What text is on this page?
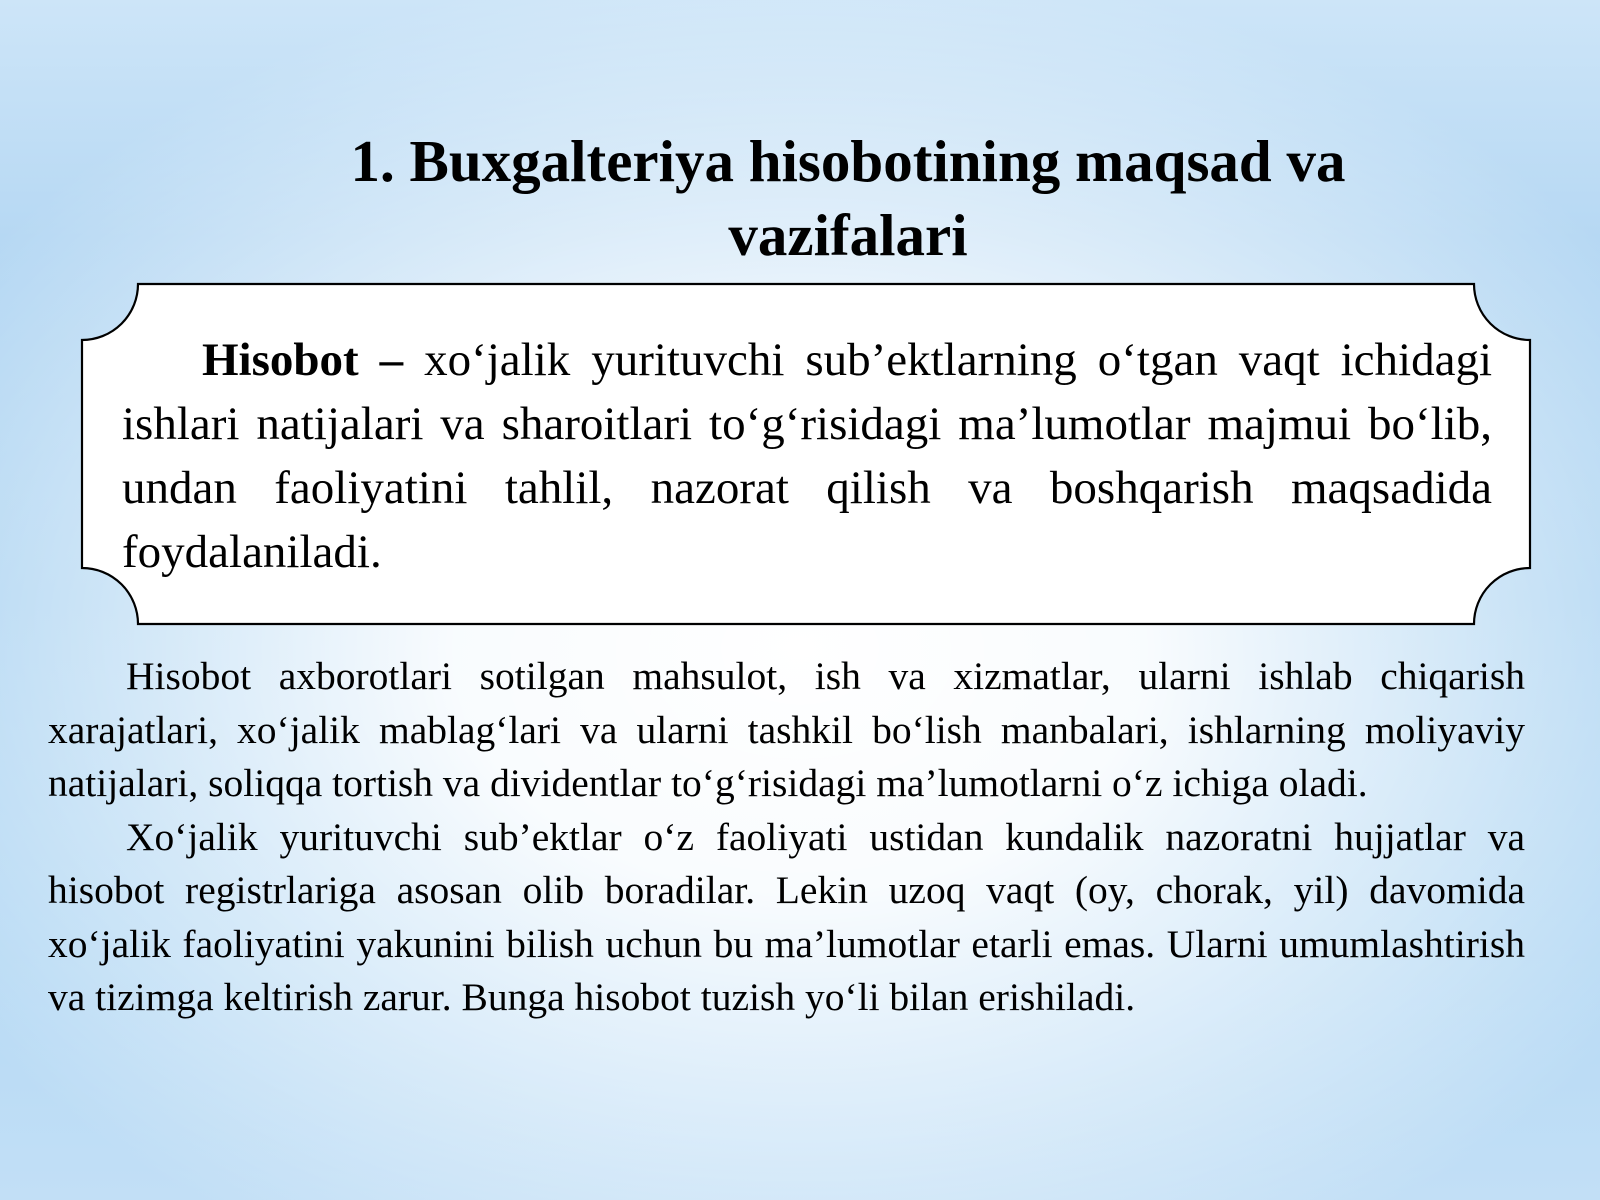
1. Buxgalteriya hisobotining maqsad va vazifalari

Hisobot – xo‘jalik yurituvchi sub’ektlarning o‘tgan vaqt ichidagi ishlari natijalari va sharoitlari to‘g‘risidagi ma’lumotlar majmui bo‘lib, undan faoliyatini tahlil, nazorat qilish va boshqarish maqsadida foydalaniladi.

Hisobot axborotlari sotilgan mahsulot, ish va xizmatlar, ularni ishlab chiqarish xarajatlari, xo‘jalik mablag‘lari va ularni tashkil bo‘lish manbalari, ishlarning moliyaviy natijalari, soliqqa tortish va dividentlar to‘g‘risidagi ma’lumotlarni o‘z ichiga oladi.

Xo‘jalik yurituvchi sub’ektlar o‘z faoliyati ustidan kundalik nazoratni hujjatlar va hisobot registrlariga asosan olib boradilar. Lekin uzoq vaqt (oy, chorak, yil) davomida xo‘jalik faoliyatini yakunini bilish uchun bu ma’lumotlar etarli emas. Ularni umumlashtirish va tizimga keltirish zarur. Bunga hisobot tuzish yo‘li bilan erishiladi.
